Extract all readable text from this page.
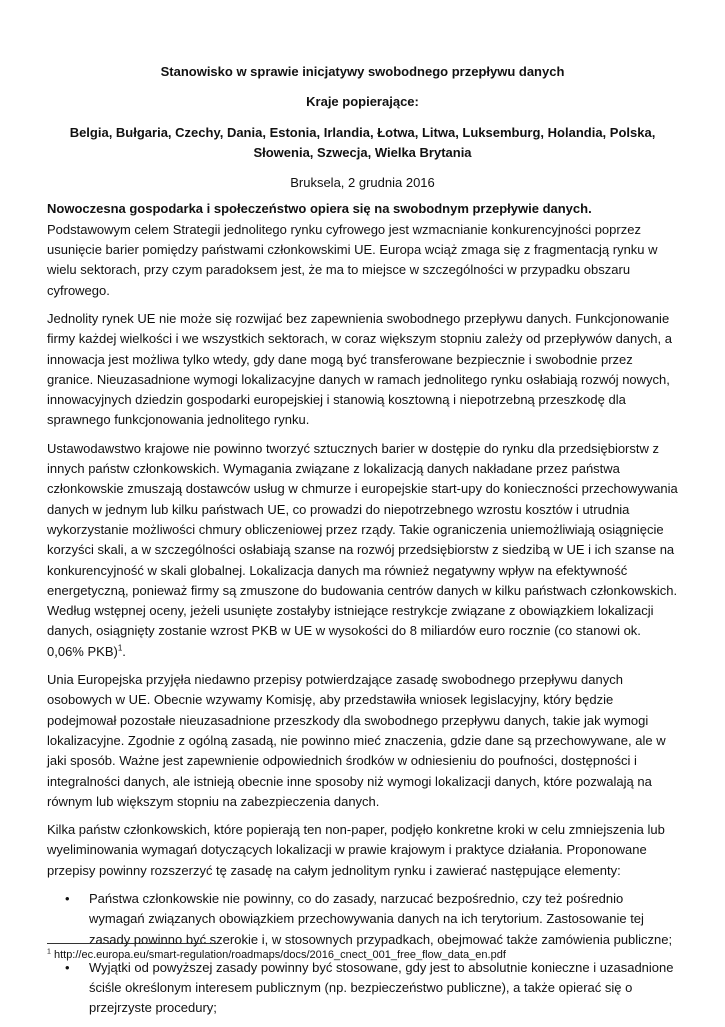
Stanowisko w sprawie inicjatywy swobodnego przepływu danych
Kraje popierające:
Belgia, Bułgaria, Czechy, Dania, Estonia, Irlandia, Łotwa, Litwa, Luksemburg, Holandia, Polska, Słowenia, Szwecja, Wielka Brytania
Bruksela, 2 grudnia 2016

Nowoczesna gospodarka i społeczeństwo opiera się na swobodnym przepływie danych. Podstawowym celem Strategii jednolitego rynku cyfrowego jest wzmacnianie konkurencyjności poprzez usunięcie barier pomiędzy państwami członkowskimi UE. Europa wciąż zmaga się z fragmentacją rynku w wielu sektorach, przy czym paradoksem jest, że ma to miejsce w szczególności w przypadku obszaru cyfrowego.

Jednolity rynek UE nie może się rozwijać bez zapewnienia swobodnego przepływu danych. Funkcjonowanie firmy każdej wielkości i we wszystkich sektorach, w coraz większym stopniu zależy od przepływów danych, a innowacja jest możliwa tylko wtedy, gdy dane mogą być transferowane bezpiecznie i swobodnie przez granice. Nieuzasadnione wymogi lokalizacyjne danych w ramach jednolitego rynku osłabiają rozwój nowych, innowacyjnych dziedzin gospodarki europejskiej i stanowią kosztowną i niepotrzebną przeszkodę dla sprawnego funkcjonowania jednolitego rynku.

Ustawodawstwo krajowe nie powinno tworzyć sztucznych barier w dostępie do rynku dla przedsiębiorstw z innych państw członkowskich. Wymagania związane z lokalizacją danych nakładane przez państwa członkowskie zmuszają dostawców usług w chmurze i europejskie start-upy do konieczności przechowywania danych w jednym lub kilku państwach UE, co prowadzi do niepotrzebnego wzrostu kosztów i utrudnia wykorzystanie możliwości chmury obliczeniowej przez rządy. Takie ograniczenia uniemożliwiają osiągnięcie korzyści skali, a w szczególności osłabiają szanse na rozwój przedsiębiorstw z siedzibą w UE i ich szanse na konkurencyjność w skali globalnej. Lokalizacja danych ma również negatywny wpływ na efektywność energetyczną, ponieważ firmy są zmuszone do budowania centrów danych w kilku państwach członkowskich. Według wstępnej oceny, jeżeli usunięte zostałyby istniejące restrykcje związane z obowiązkiem lokalizacji danych, osiągnięty zostanie wzrost PKB w UE w wysokości do 8 miliardów euro rocznie (co stanowi ok. 0,06% PKB)$^1$.

Unia Europejska przyjęła niedawno przepisy potwierdzające zasadę swobodnego przepływu danych osobowych w UE. Obecnie wzywamy Komisję, aby przedstawiła wniosek legislacyjny, który będzie podejmował pozostałe nieuzasadnione przeszkody dla swobodnego przepływu danych, takie jak wymogi lokalizacyjne. Zgodnie z ogólną zasadą, nie powinno mieć znaczenia, gdzie dane są przechowywane, ale w jaki sposób. Ważne jest zapewnienie odpowiednich środków w odniesieniu do poufności, dostępności i integralności danych, ale istnieją obecnie inne sposoby niż wymogi lokalizacji danych, które pozwalają na równym lub większym stopniu na zabezpieczenia danych.

Kilka państw członkowskich, które popierają ten non-paper, podjęło konkretne kroki w celu zmniejszenia lub wyeliminowania wymagań dotyczących lokalizacji w prawie krajowym i praktyce działania. Proponowane przepisy powinny rozszerzyć tę zasadę na całym jednolitym rynku i zawierać następujące elementy:

• Państwa członkowskie nie powinny, co do zasady, narzucać bezpośrednio, czy też pośrednio wymagań związanych obowiązkiem przechowywania danych na ich terytorium. Zastosowanie tej zasady powinno być szerokie i, w stosownych przypadkach, obejmować także zamówienia publiczne;
• Wyjątki od powyższej zasady powinny być stosowane, gdy jest to absolutnie konieczne i uzasadnione ściśle określonym interesem publicznym (np. bezpieczeństwo publiczne), a także opierać się o przejrzyste procedury;
$^1$ http://ec.europa.eu/smart-regulation/roadmaps/docs/2016_cnect_001_free_flow_data_en.pdf
